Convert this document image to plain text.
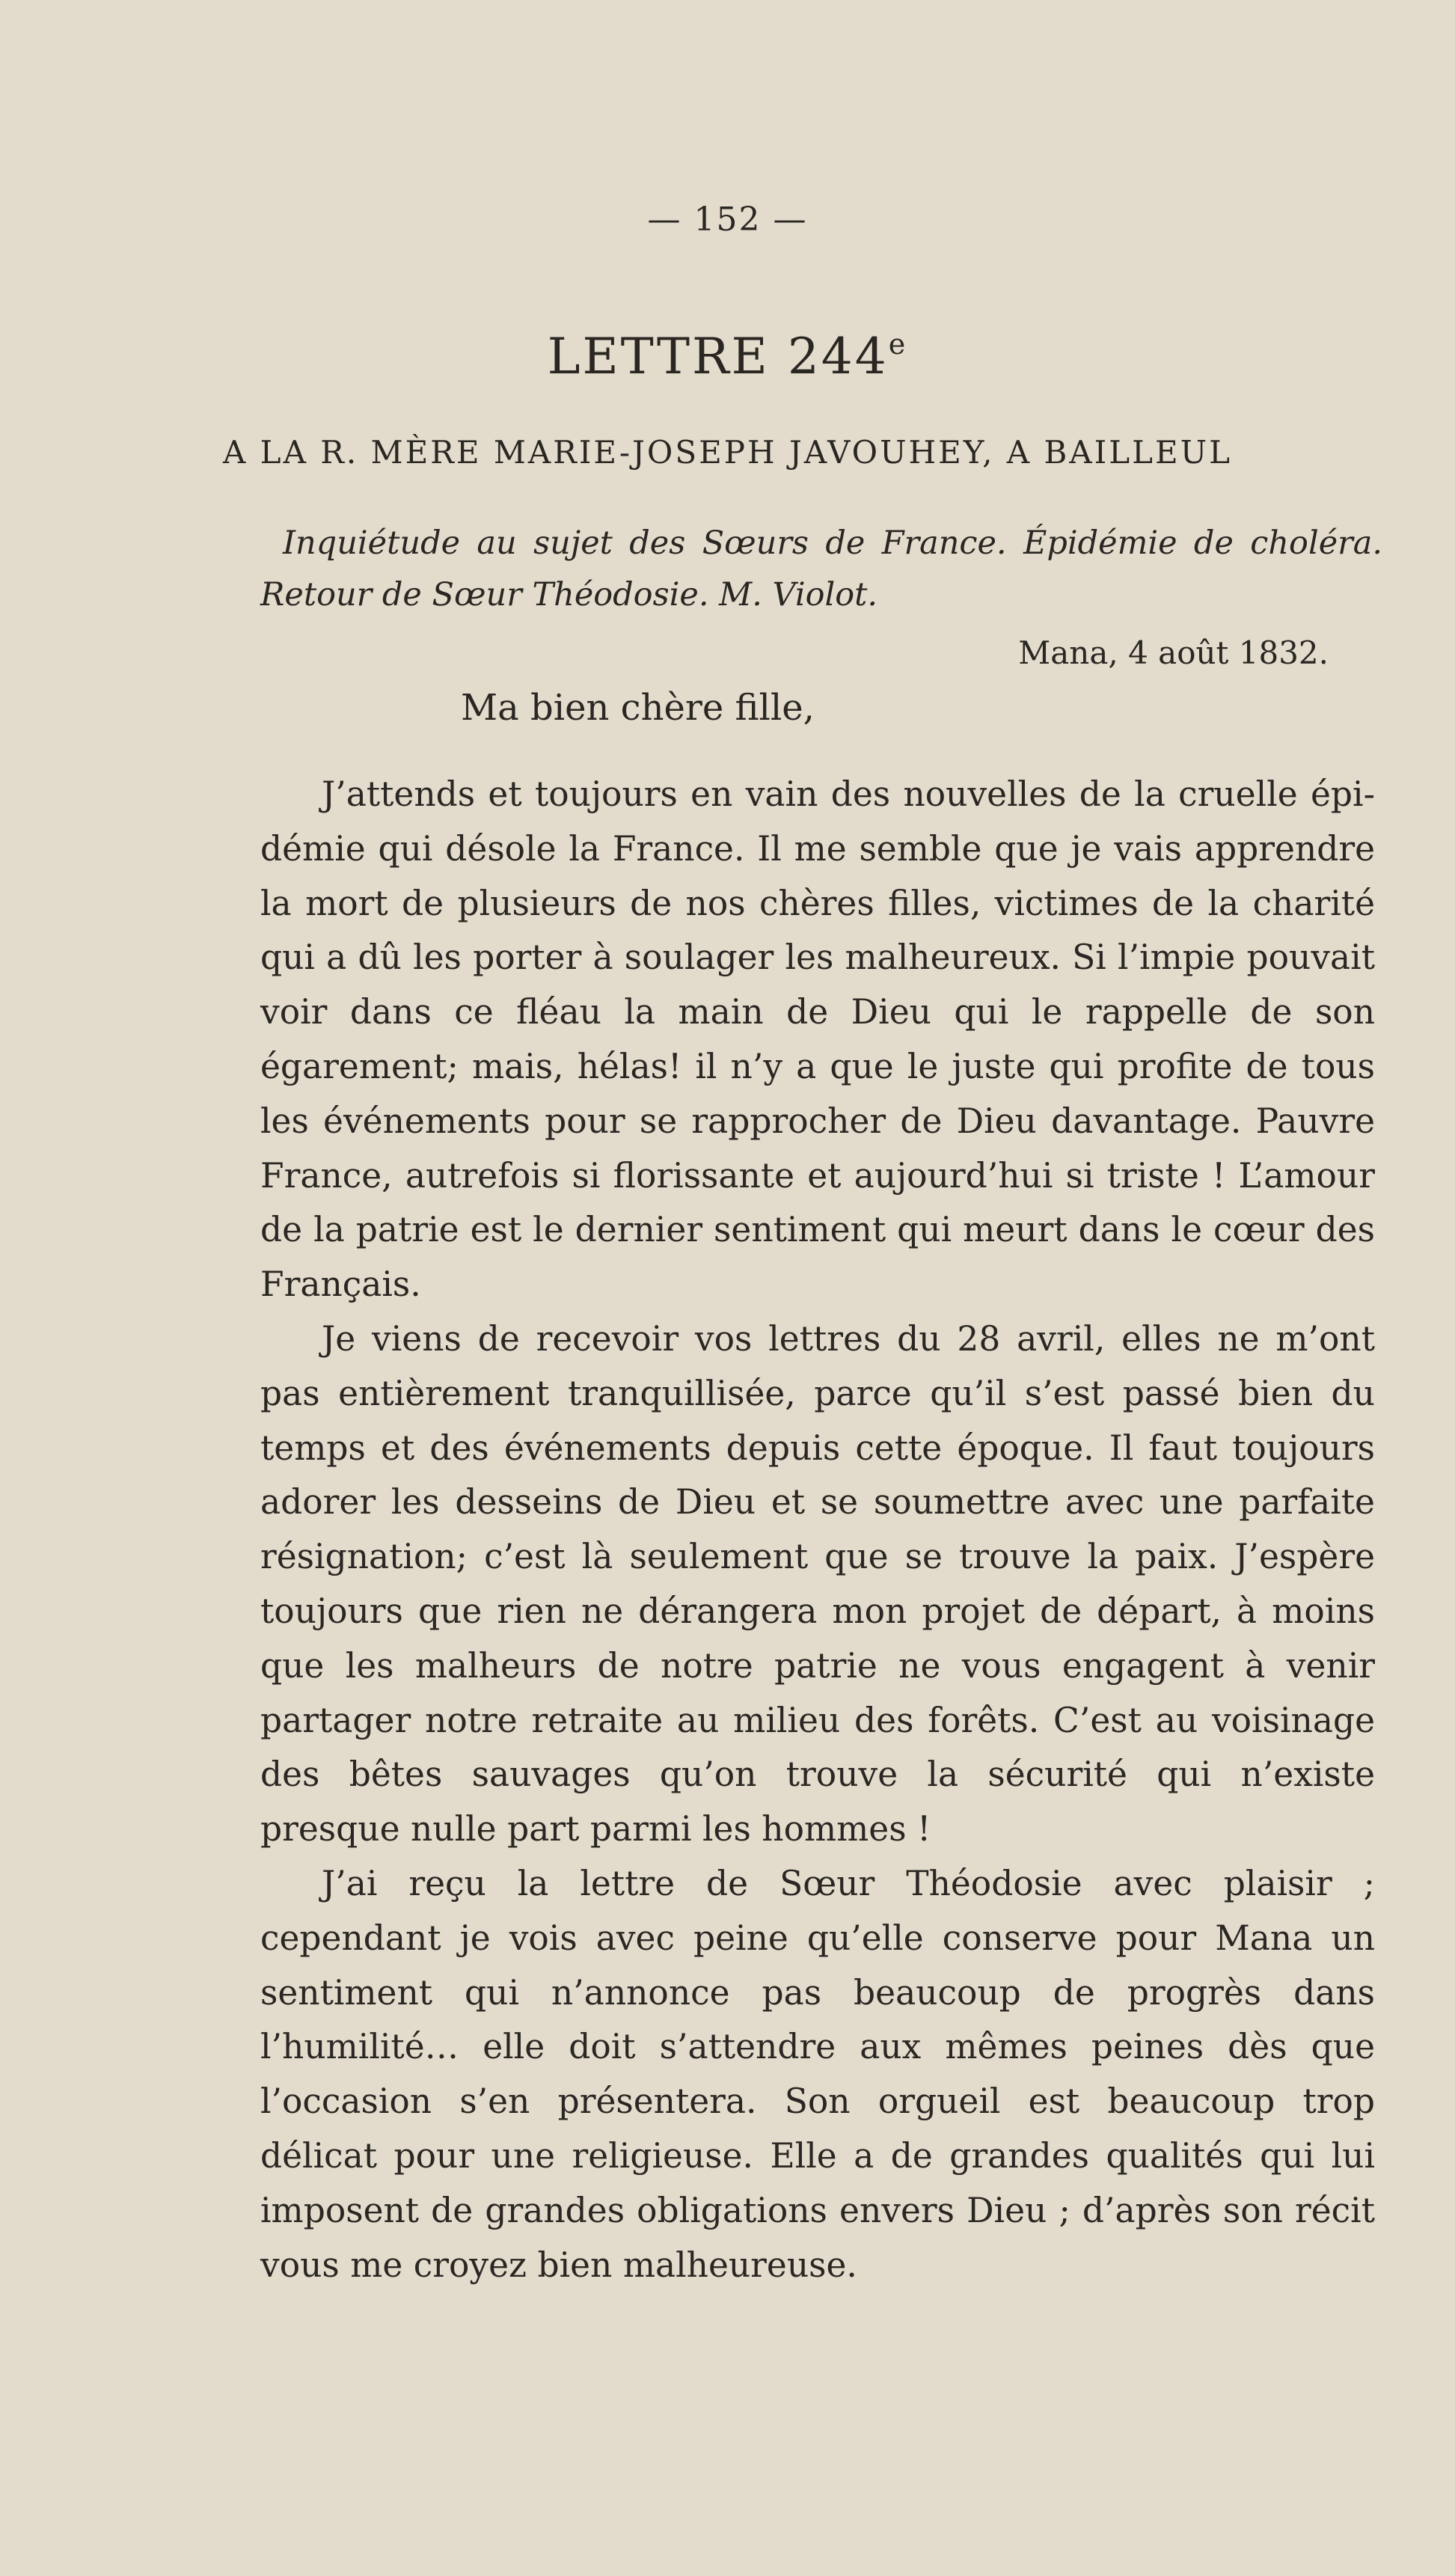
— 152 —
LETTRE 244e
A LA R. MÈRE MARIE-JOSEPH JAVOUHEY, A BAILLEUL
Inquiétude au sujet des Sœurs de France. Épidémie de choléra. Retour de Sœur Théodosie. M. Violot.
Mana, 4 août 1832.
Ma bien chère fille,

J’attends et toujours en vain des nouvelles de la cruelle épidémie qui désole la France. Il me semble que je vais apprendre la mort de plusieurs de nos chères filles, victimes de la charité qui a dû les porter à soulager les malheureux. Si l’impie pouvait voir dans ce fléau la main de Dieu qui le rappelle de son égarement; mais, hélas! il n’y a que le juste qui profite de tous les événements pour se rapprocher de Dieu davantage. Pauvre France, autrefois si florissante et aujourd’hui si triste ! L’amour de la patrie est le dernier sentiment qui meurt dans le cœur des Français.

Je viens de recevoir vos lettres du 28 avril, elles ne m’ont pas entièrement tranquillisée, parce qu’il s’est passé bien du temps et des événements depuis cette époque. Il faut toujours adorer les desseins de Dieu et se soumettre avec une parfaite résignation; c’est là seulement que se trouve la paix. J’espère toujours que rien ne dérangera mon projet de départ, à moins que les malheurs de notre patrie ne vous engagent à venir partager notre retraite au milieu des forêts. C’est au voisinage des bêtes sauvages qu’on trouve la sécurité qui n’existe presque nulle part parmi les hommes !

J’ai reçu la lettre de Sœur Théodosie avec plaisir ; cependant je vois avec peine qu’elle conserve pour Mana un sentiment qui n’annonce pas beaucoup de progrès dans l’humilité… elle doit s’attendre aux mêmes peines dès que l’occasion s’en présentera. Son orgueil est beaucoup trop délicat pour une religieuse. Elle a de grandes qualités qui lui imposent de grandes obligations envers Dieu ; d’après son récit vous me croyez bien malheureuse.
